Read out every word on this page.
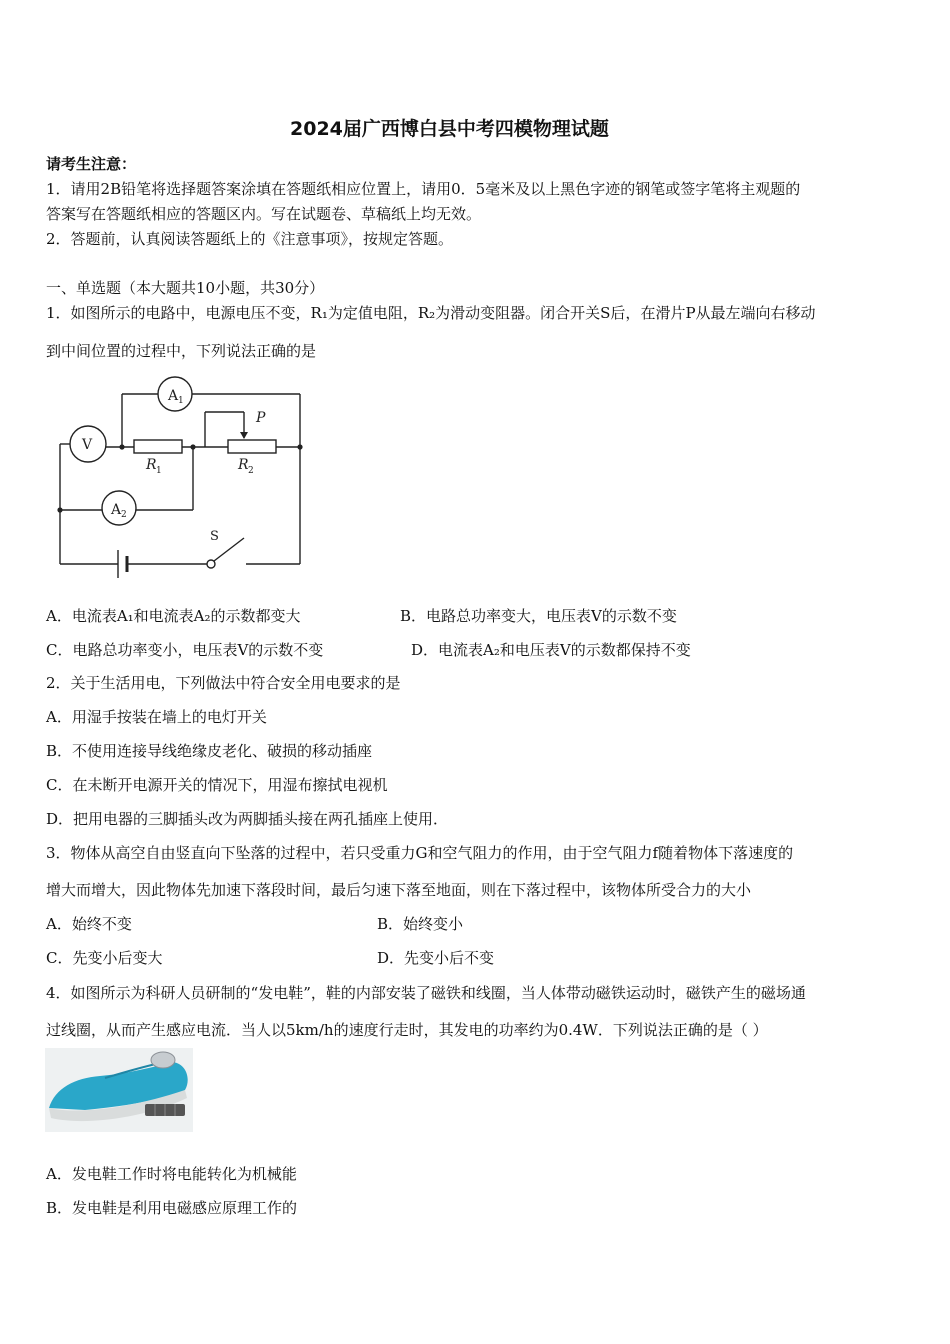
2024届广西博白县中考四模物理试题
请考生注意：
1．请用2B铅笔将选择题答案涂填在答题纸相应位置上，请用0．5毫米及以上黑色字迹的钢笔或签字笔将主观题的
答案写在答题纸相应的答题区内。写在试题卷、草稿纸上均无效。
2．答题前，认真阅读答题纸上的《注意事项》，按规定答题。
一、单选题（本大题共10小题，共30分）
1．如图所示的电路中，电源电压不变，R₁为定值电阻，R₂为滑动变阻器。闭合开关S后，在滑片P从最左端向右移动
到中间位置的过程中，下列说法正确的是
A 1
A 2
V
P
R 1	R 2
S
A．电流表A₁和电流表A₂的示数都变大	B．电路总功率变大，电压表V的示数不变
C．电路总功率变小，电压表V的示数不变	D．电流表A₂和电压表V的示数都保持不变
2．关于生活用电，下列做法中符合安全用电要求的是
A．用湿手按装在墙上的电灯开关
B．不使用连接导线绝缘皮老化、破损的移动插座
C．在未断开电源开关的情况下，用湿布擦拭电视机
D．把用电器的三脚插头改为两脚插头接在两孔插座上使用．
3．物体从高空自由竖直向下坠落的过程中，若只受重力G和空气阻力的作用，由于空气阻力f随着物体下落速度的
增大而增大，因此物体先加速下落段时间，最后匀速下落至地面，则在下落过程中，该物体所受合力的大小
A．始终不变	B．始终变小
C．先变小后变大	D．先变小后不变
4．如图所示为科研人员研制的“发电鞋”，鞋的内部安装了磁铁和线圈，当人体带动磁铁运动时，磁铁产生的磁场通
过线圈，从而产生感应电流．当人以5km/h的速度行走时，其发电的功率约为0.4W．下列说法正确的是（ ）
A．发电鞋工作时将电能转化为机械能
B．发电鞋是利用电磁感应原理工作的
